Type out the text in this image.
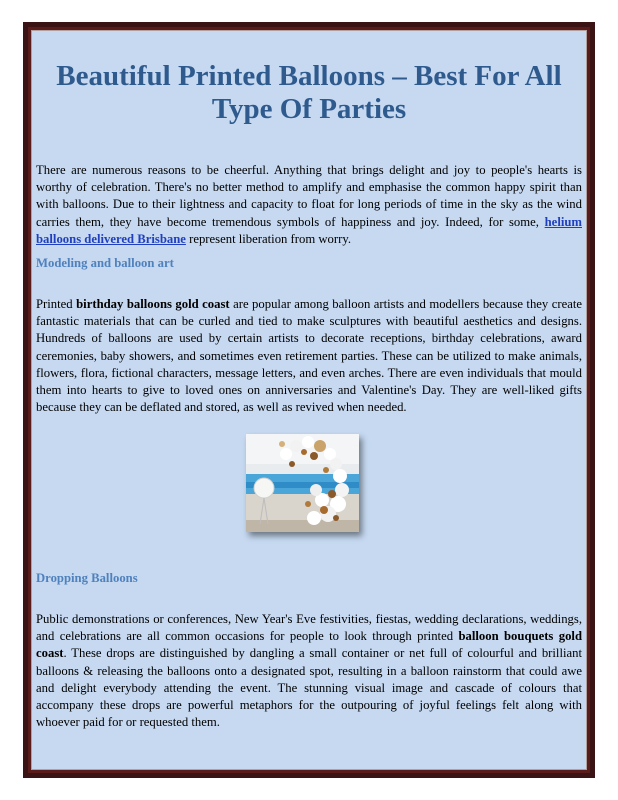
Beautiful Printed Balloons – Best For All Type Of Parties

There are numerous reasons to be cheerful. Anything that brings delight and joy to people's hearts is worthy of celebration. There's no better method to amplify and emphasise the common happy spirit than with balloons. Due to their lightness and capacity to float for long periods of time in the sky as the wind carries them, they have become tremendous symbols of happiness and joy. Indeed, for some, helium balloons delivered Brisbane represent liberation from worry.

Modeling and balloon art

Printed birthday balloons gold coast are popular among balloon artists and modellers because they create fantastic materials that can be curled and tied to make sculptures with beautiful aesthetics and designs. Hundreds of balloons are used by certain artists to decorate receptions, birthday celebrations, award ceremonies, baby showers, and sometimes even retirement parties. These can be utilized to make animals, flowers, flora, fictional characters, message letters, and even arches. There are even individuals that mould them into hearts to give to loved ones on anniversaries and Valentine's Day. They are well-liked gifts because they can be deflated and stored, as well as revived when needed.

Dropping Balloons

Public demonstrations or conferences, New Year's Eve festivities, fiestas, wedding declarations, weddings, and celebrations are all common occasions for people to look through printed balloon bouquets gold coast. These drops are distinguished by dangling a small container or net full of colourful and brilliant balloons & releasing the balloons onto a designated spot, resulting in a balloon rainstorm that could awe and delight everybody attending the event. The stunning visual image and cascade of colours that accompany these drops are powerful metaphors for the outpouring of joyful feelings felt along with whoever paid for or requested them.
